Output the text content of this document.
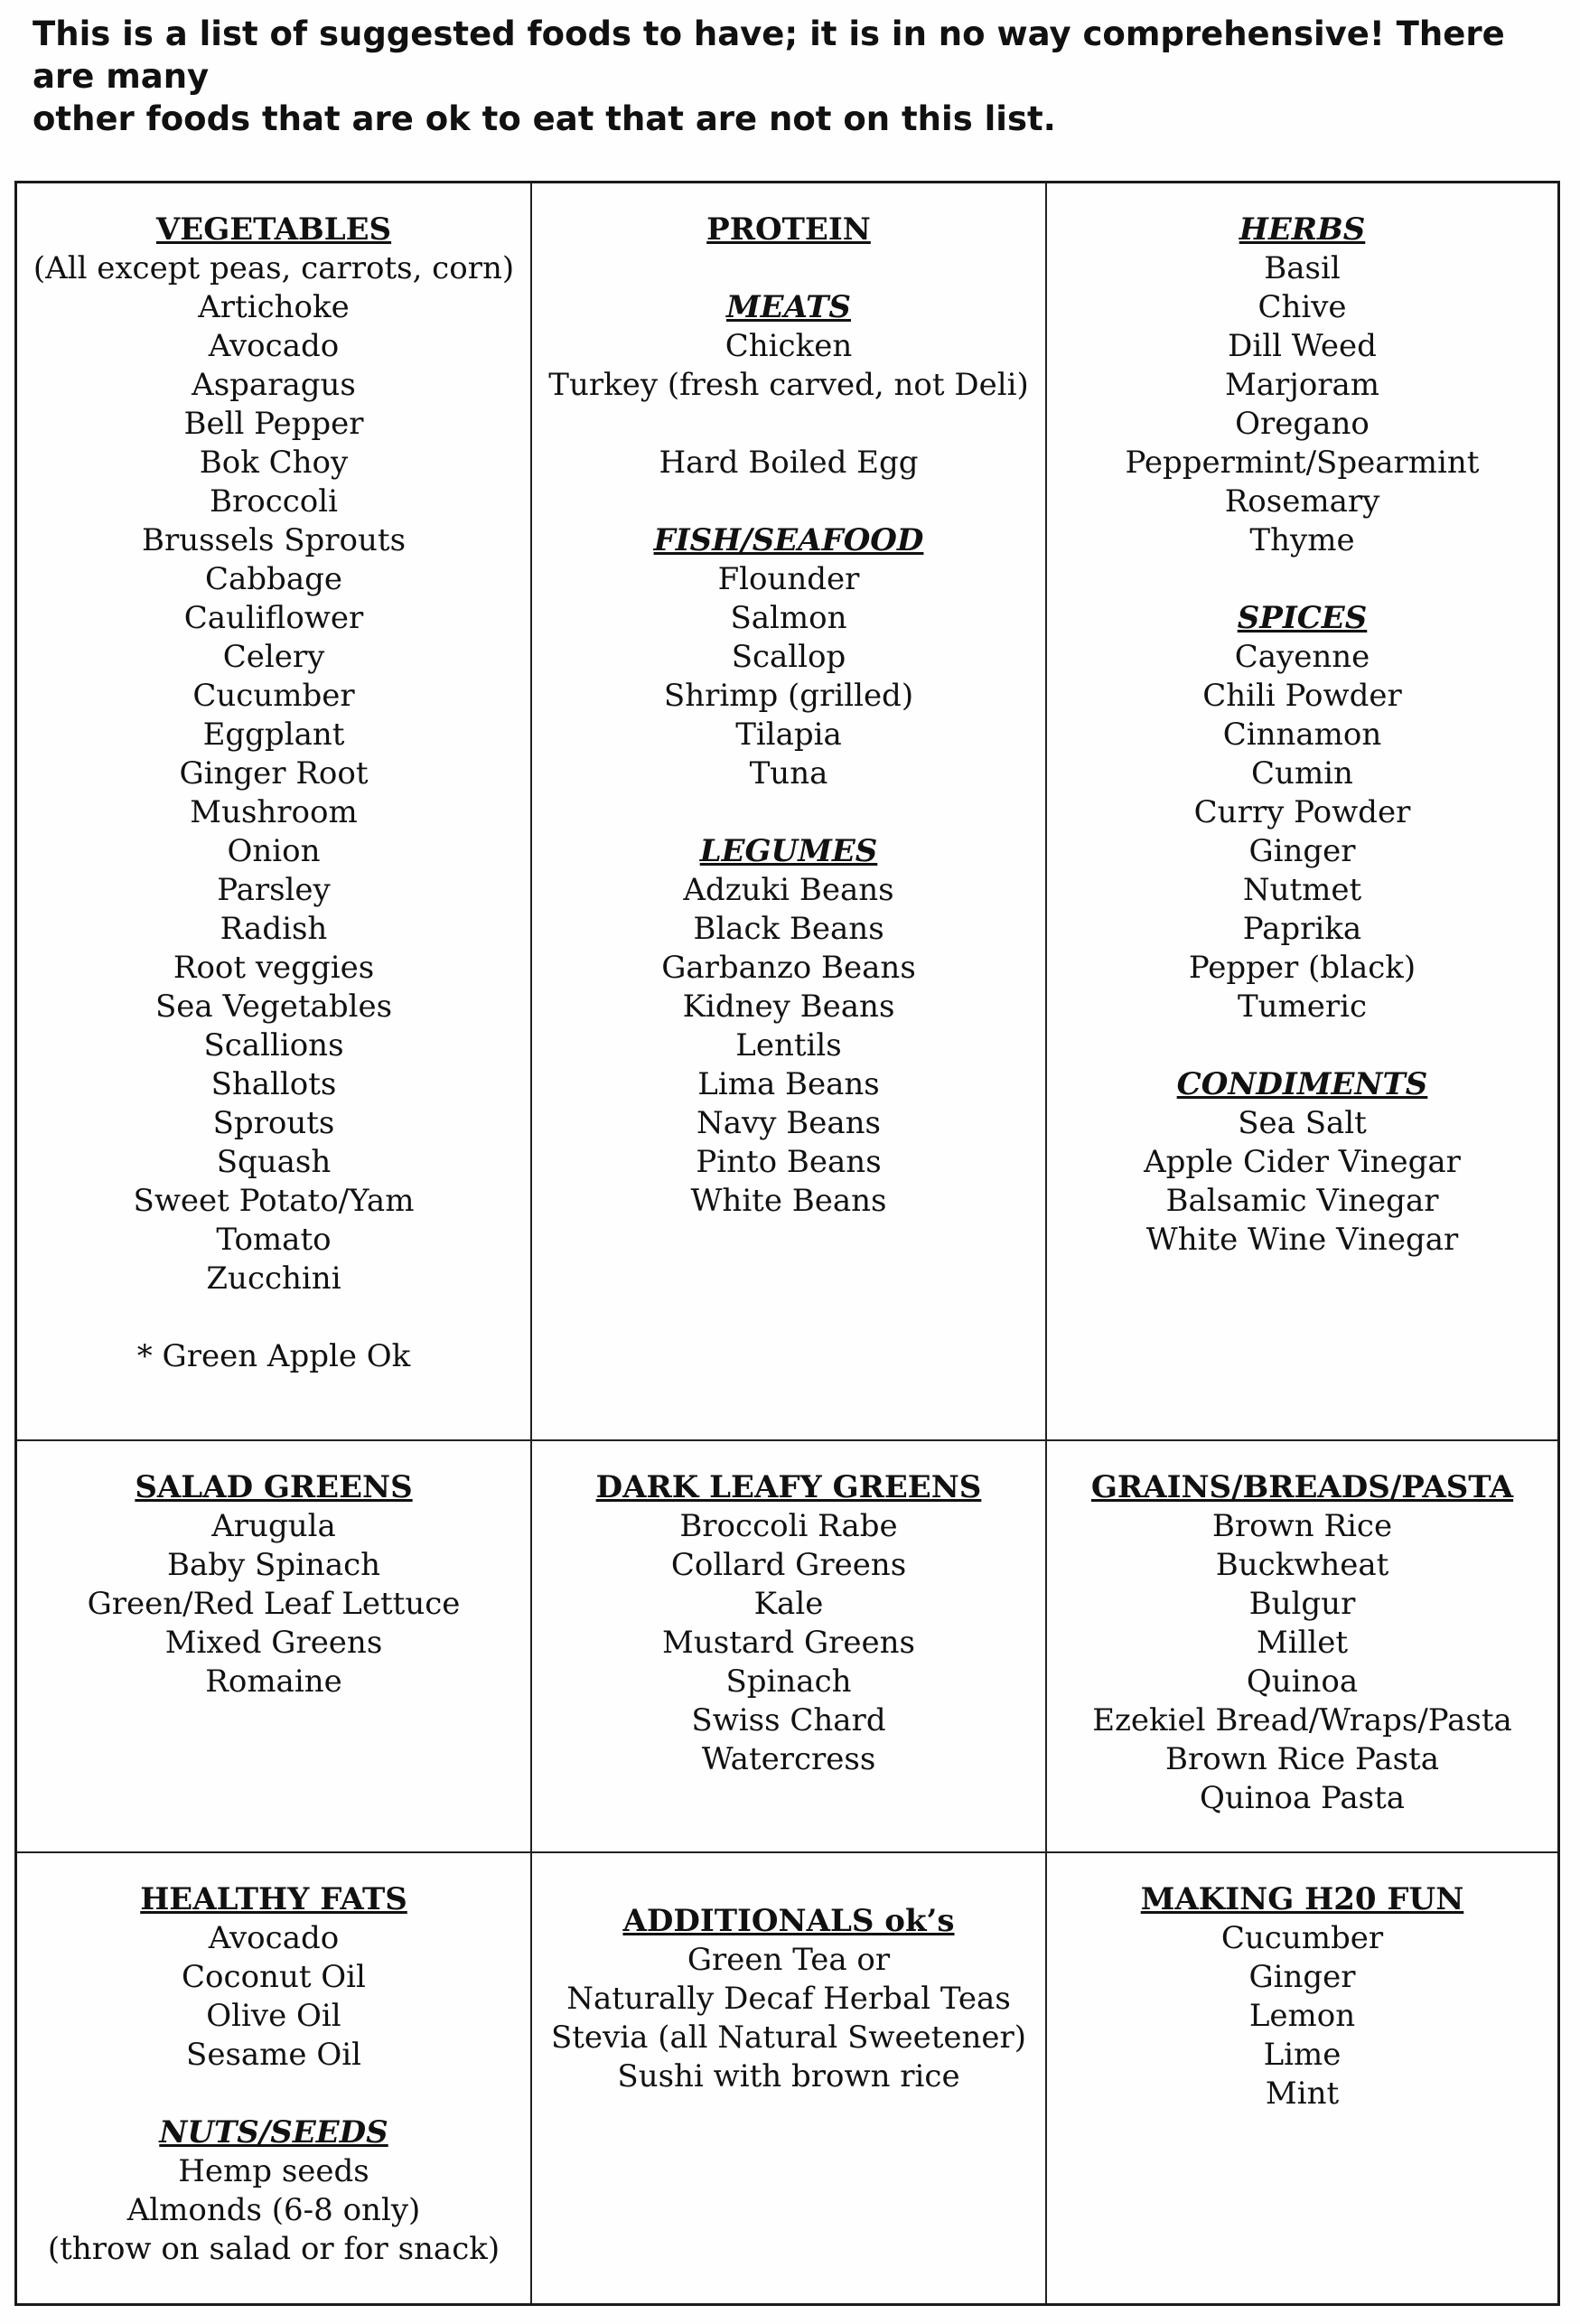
This is a list of suggested foods to have; it is in no way comprehensive! There are many
other foods that are ok to eat that are not on this list.
VEGETABLES
(All except peas, carrots, corn)
Artichoke
Avocado
Asparagus
Bell Pepper
Bok Choy
Broccoli
Brussels Sprouts
Cabbage
Cauliflower
Celery
Cucumber
Eggplant
Ginger Root
Mushroom
Onion
Parsley
Radish
Root veggies
Sea Vegetables
Scallions
Shallots
Sprouts
Squash
Sweet Potato/Yam
Tomato
Zucchini
* Green Apple Ok
PROTEIN
MEATS
Chicken
Turkey (fresh carved, not Deli)
Hard Boiled Egg
FISH/SEAFOOD
Flounder
Salmon
Scallop
Shrimp (grilled)
Tilapia
Tuna
LEGUMES
Adzuki Beans
Black Beans
Garbanzo Beans
Kidney Beans
Lentils
Lima Beans
Navy Beans
Pinto Beans
White Beans
HERBS
Basil
Chive
Dill Weed
Marjoram
Oregano
Peppermint/Spearmint
Rosemary
Thyme
SPICES
Cayenne
Chili Powder
Cinnamon
Cumin
Curry Powder
Ginger
Nutmet
Paprika
Pepper (black)
Tumeric
CONDIMENTS
Sea Salt
Apple Cider Vinegar
Balsamic Vinegar
White Wine Vinegar
SALAD GREENS
Arugula
Baby Spinach
Green/Red Leaf Lettuce
Mixed Greens
Romaine
DARK LEAFY GREENS
Broccoli Rabe
Collard Greens
Kale
Mustard Greens
Spinach
Swiss Chard
Watercress
GRAINS/BREADS/PASTA
Brown Rice
Buckwheat
Bulgur
Millet
Quinoa
Ezekiel Bread/Wraps/Pasta
Brown Rice Pasta
Quinoa Pasta
HEALTHY FATS
Avocado
Coconut Oil
Olive Oil
Sesame Oil
NUTS/SEEDS
Hemp seeds
Almonds (6-8 only)
(throw on salad or for snack)
ADDITIONALS ok’s
Green Tea or
Naturally Decaf Herbal Teas
Stevia (all Natural Sweetener)
Sushi with brown rice
MAKING H20 FUN
Cucumber
Ginger
Lemon
Lime
Mint
